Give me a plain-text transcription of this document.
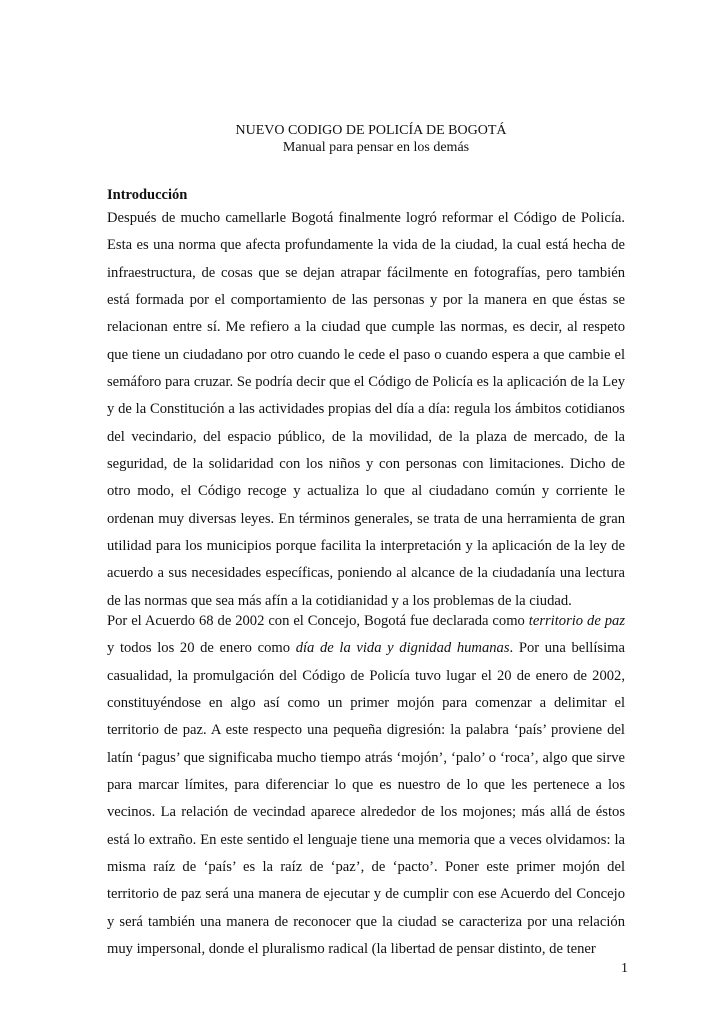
NUEVO CODIGO DE POLICÍA DE BOGOTÁ
Manual para pensar en los demás
Introducción

Después de mucho camellarle Bogotá finalmente logró reformar el Código de Policía. Esta es una norma que afecta profundamente la vida de la ciudad, la cual está hecha de infraestructura, de cosas que se dejan atrapar fácilmente en fotografías, pero también está formada por el comportamiento de las personas y por la manera en que éstas se relacionan entre sí. Me refiero a la ciudad que cumple las normas, es decir, al respeto que tiene un ciudadano por otro cuando le cede el paso o cuando espera a que cambie el semáforo para cruzar. Se podría decir que el Código de Policía es la aplicación de la Ley y de la Constitución a las actividades propias del día a día: regula los ámbitos cotidianos del vecindario, del espacio público, de la movilidad, de la plaza de mercado, de la seguridad, de la solidaridad con los niños y con personas con limitaciones. Dicho de otro modo, el Código recoge y actualiza lo que al ciudadano común y corriente le ordenan muy diversas leyes. En términos generales, se trata de una herramienta de gran utilidad para los municipios porque facilita la interpretación y la aplicación de la ley de acuerdo a sus necesidades específicas, poniendo al alcance de la ciudadanía una lectura de las normas que sea más afín a la cotidianidad y a los problemas de la ciudad.

Por el Acuerdo 68 de 2002 con el Concejo, Bogotá fue declarada como territorio de paz y todos los 20 de enero como día de la vida y dignidad humanas. Por una bellísima casualidad, la promulgación del Código de Policía tuvo lugar el 20 de enero de 2002, constituyéndose en algo así como un primer mojón para comenzar a delimitar el territorio de paz. A este respecto una pequeña digresión: la palabra ‘país’ proviene del latín ‘pagus’ que significaba mucho tiempo atrás ‘mojón’, ‘palo’ o ‘roca’, algo que sirve para marcar límites, para diferenciar lo que es nuestro de lo que les pertenece a los vecinos. La relación de vecindad aparece alrededor de los mojones; más allá de éstos está lo extraño. En este sentido el lenguaje tiene una memoria que a veces olvidamos: la misma raíz de ‘país’ es la raíz de ‘paz’, de ‘pacto’. Poner este primer mojón del territorio de paz será una manera de ejecutar y de cumplir con ese Acuerdo del Concejo y será también una manera de reconocer que la ciudad se caracteriza por una relación muy impersonal, donde el pluralismo radical (la libertad de pensar distinto, de tener

1
